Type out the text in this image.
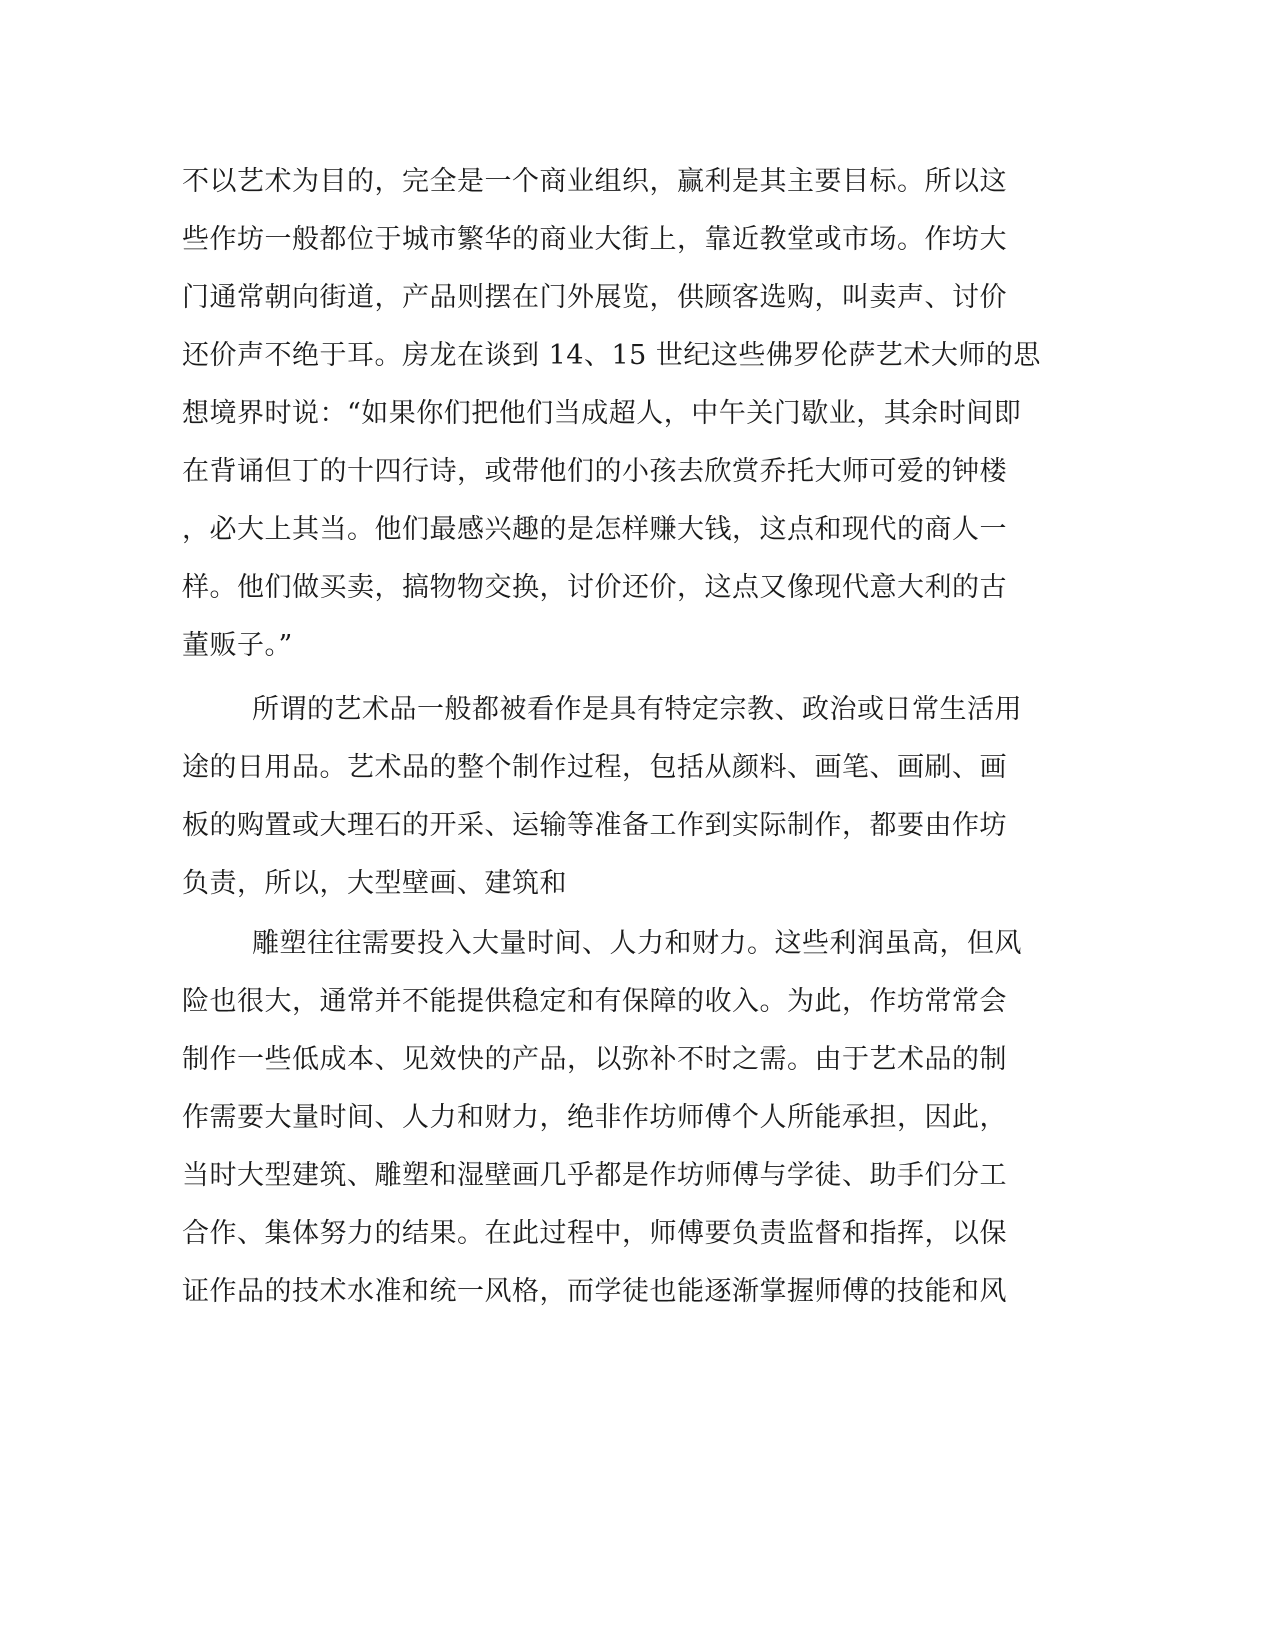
不以艺术为目的，完全是一个商业组织，赢利是其主要目标。所以这
些作坊一般都位于城市繁华的商业大街上，靠近教堂或市场。作坊大
门通常朝向街道，产品则摆在门外展览，供顾客选购，叫卖声、讨价
还价声不绝于耳。房龙在谈到 14、15 世纪这些佛罗伦萨艺术大师的思
想境界时说：“如果你们把他们当成超人，中午关门歇业，其余时间即
在背诵但丁的十四行诗，或带他们的小孩去欣赏乔托大师可爱的钟楼
，必大上其当。他们最感兴趣的是怎样赚大钱，这点和现代的商人一
样。他们做买卖，搞物物交换，讨价还价，这点又像现代意大利的古
董贩子。”
所谓的艺术品一般都被看作是具有特定宗教、政治或日常生活用
途的日用品。艺术品的整个制作过程，包括从颜料、画笔、画刷、画
板的购置或大理石的开采、运输等准备工作到实际制作，都要由作坊
负责，所以，大型壁画、建筑和
雕塑往往需要投入大量时间、人力和财力。这些利润虽高，但风
险也很大，通常并不能提供稳定和有保障的收入。为此，作坊常常会
制作一些低成本、见效快的产品，以弥补不时之需。由于艺术品的制
作需要大量时间、人力和财力，绝非作坊师傅个人所能承担，因此，
当时大型建筑、雕塑和湿壁画几乎都是作坊师傅与学徒、助手们分工
合作、集体努力的结果。在此过程中，师傅要负责监督和指挥，以保
证作品的技术水准和统一风格，而学徒也能逐渐掌握师傅的技能和风
